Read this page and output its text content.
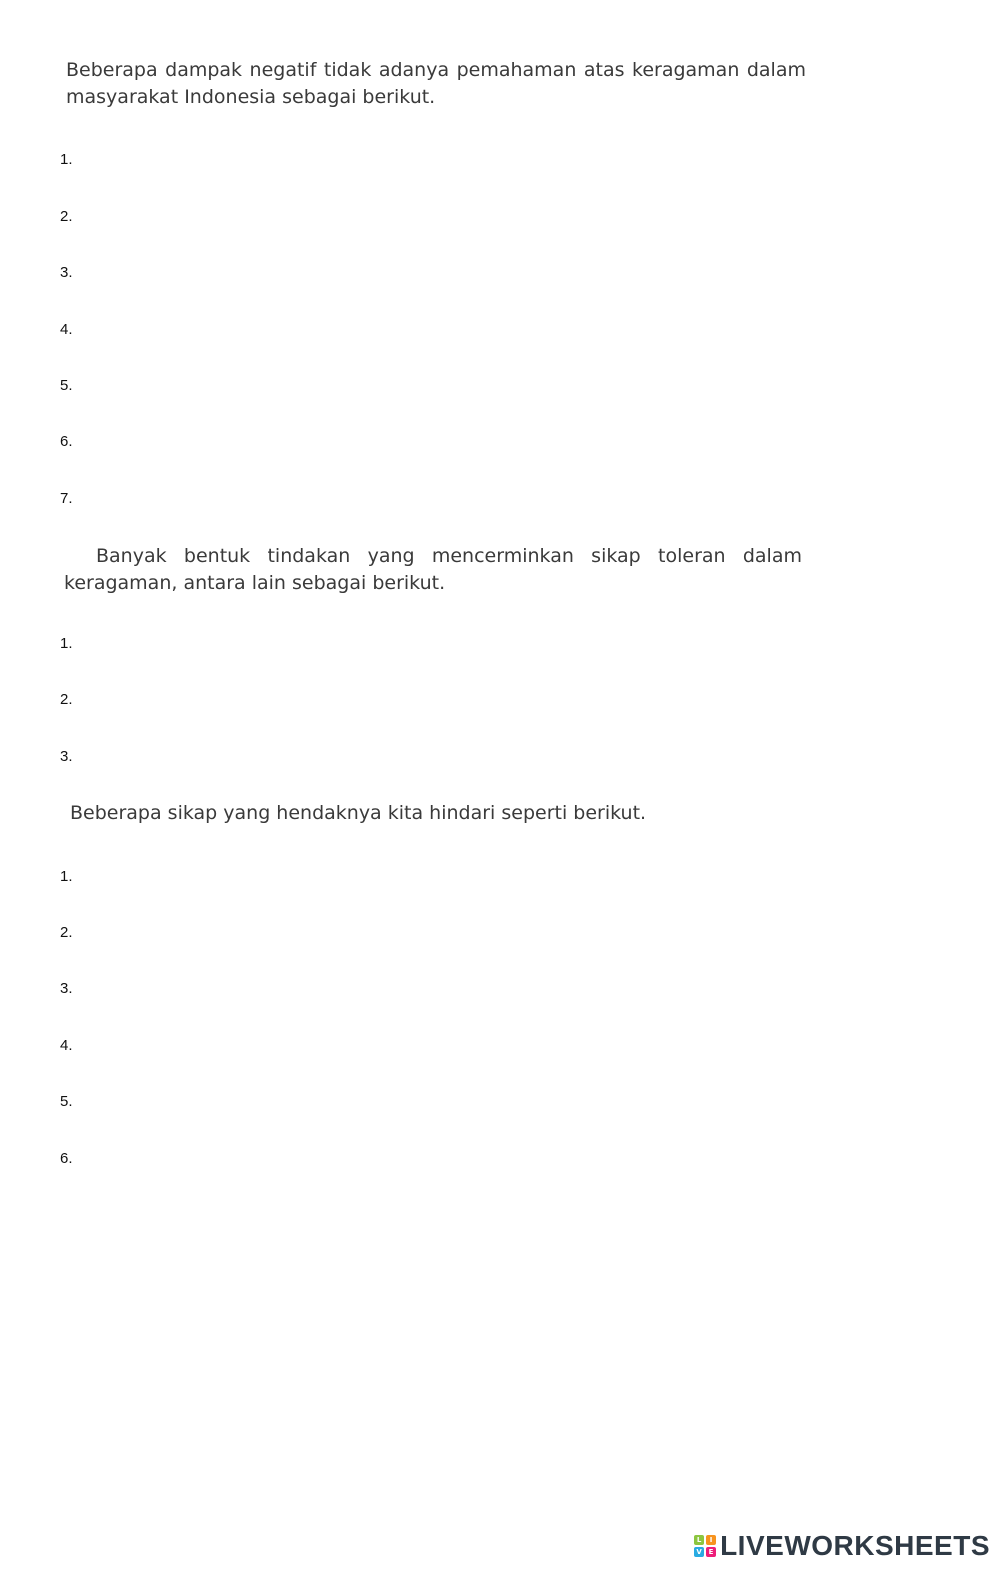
Beberapa dampak negatif tidak adanya pemahaman atas keragaman dalam masyarakat Indonesia sebagai berikut.

1.
2.
3.
4.
5.
6.
7.

Banyak bentuk tindakan yang mencerminkan sikap toleran dalam keragaman, antara lain sebagai berikut.

1.
2.
3.

Beberapa sikap yang hendaknya kita hindari seperti berikut.

1.
2.
3.
4.
5.
6.
L	I
V E LIVEWORKSHEETS
